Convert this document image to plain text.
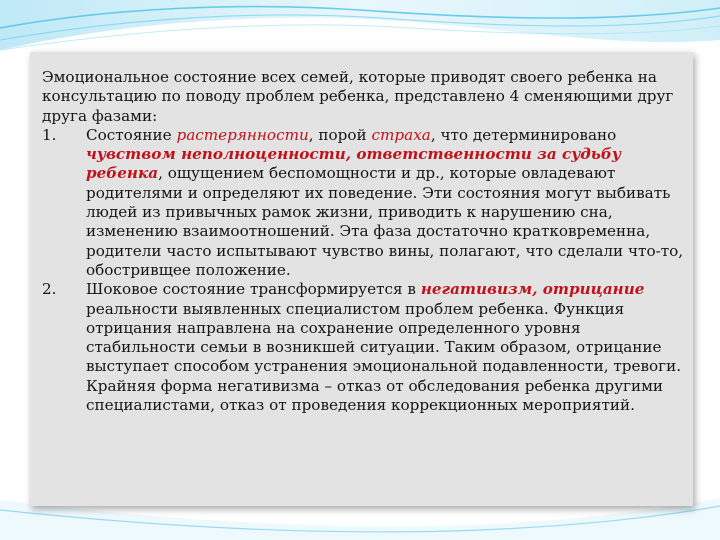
Эмоциональное состояние всех семей, которые приводят своего ребенка на консультацию по поводу проблем ребенка, представлено 4 сменяющими друг друга фазами:

1. Состояние растерянности, порой страха, что детерминировано чувством неполноценности, ответственности за судьбу ребенка, ощущением беспомощности и др., которые овладевают родителями и определяют их поведение. Эти состояния могут выбивать людей из привычных рамок жизни, приводить к нарушению сна, изменению взаимоотношений. Эта фаза достаточно кратковременна, родители часто испытывают чувство вины, полагают, что сделали что-то, обостривщее положение.
2. Шоковое состояние трансформируется в негативизм, отрицание реальности выявленных специалистом проблем ребенка. Функция отрицания направлена на сохранение определенного уровня стабильности семьи в возникшей ситуации. Таким образом, отрицание выступает способом устранения эмоциональной подавленности, тревоги. Крайняя форма негативизма – отказ от обследования ребенка другими специалистами, отказ от проведения коррекционных мероприятий.
